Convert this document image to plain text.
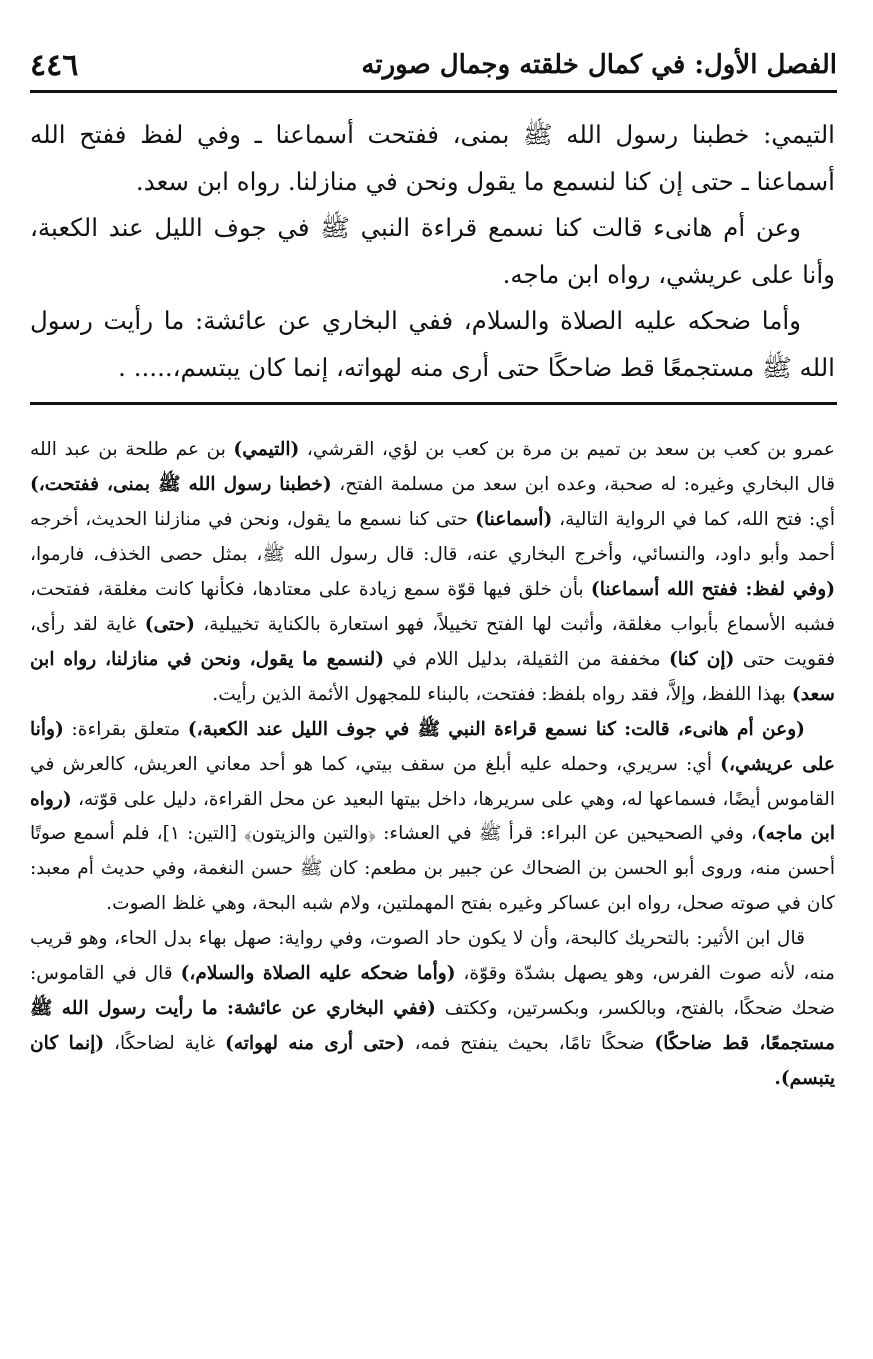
٤٤٦	الفصل الأول: في كمال خلقته وجمال صورته

التيمي: خطبنا رسول الله ﷺ بمنى، ففتحت أسماعنا ـ وفي لفظ ففتح الله أسماعنا ـ حتى إن كنا لنسمع ما يقول ونحن في منازلنا. رواه ابن سعد.

وعن أم هانىء قالت كنا نسمع قراءة النبي ﷺ في جوف الليل عند الكعبة، وأنا على عريشي، رواه ابن ماجه.

وأما ضحكه عليه الصلاة والسلام، ففي البخاري عن عائشة: ما رأيت رسول الله ﷺ مستجمعًا قط ضاحكًا حتى أرى منه لهواته، إنما كان يبتسم،..... .

عمرو بن كعب بن سعد بن تميم بن مرة بن كعب بن لؤي، القرشي، (التيمي) بن عم طلحة بن عبد الله قال البخاري وغيره: له صحبة، وعده ابن سعد من مسلمة الفتح، (خطبنا رسول الله ﷺ بمنى، ففتحت،) أي: فتح الله، كما في الرواية التالية، (أسماعنا) حتى كنا نسمع ما يقول، ونحن في منازلنا الحديث، أخرجه أحمد وأبو داود، والنسائي، وأخرج البخاري عنه، قال: قال رسول الله ﷺ، بمثل حصى الخذف، فارموا، (وفي لفظ: ففتح الله أسماعنا) بأن خلق فيها قوّة سمع زيادة على معتادها، فكأنها كانت مغلقة، ففتحت، فشبه الأسماع بأبواب مغلقة، وأثبت لها الفتح تخييلاً، فهو استعارة بالكناية تخييلية، (حتى) غاية لقد رأى، فقويت حتى (إن كنا) مخففة من الثقيلة، بدليل اللام في (لنسمع ما يقول، ونحن في منازلنا، رواه ابن سعد) بهذا اللفظ، وإلاَّ، فقد رواه بلفظ: ففتحت، بالبناء للمجهول الأئمة الذين رأيت.

(وعن أم هانىء، قالت: كنا نسمع قراءة النبي ﷺ في جوف الليل عند الكعبة،) متعلق بقراءة: (وأنا على عريشي،) أي: سريري، وحمله عليه أبلغ من سقف بيتي، كما هو أحد معاني العريش، كالعرش في القاموس أيضًا، فسماعها له، وهي على سريرها، داخل بيتها البعيد عن محل القراءة، دليل على قوّته، (رواه ابن ماجه)، وفي الصحيحين عن البراء: قرأ ﷺ في العشاء: ﴿والتين والزيتون﴾ [التين: ١]، فلم أسمع صوتًا أحسن منه، وروى أبو الحسن بن الضحاك عن جبير بن مطعم: كان ﷺ حسن النغمة، وفي حديث أم معبد: كان في صوته صحل، رواه ابن عساكر وغيره بفتح المهملتين، ولام شبه البحة، وهي غلظ الصوت.

قال ابن الأثير: بالتحريك كالبحة، وأن لا يكون حاد الصوت، وفي رواية: صهل بهاء بدل الحاء، وهو قريب منه، لأنه صوت الفرس، وهو يصهل بشدّة وقوّة، (وأما ضحكه عليه الصلاة والسلام،) قال في القاموس: ضحك ضحكًا، بالفتح، وبالكسر، وبكسرتين، وككتف (ففي البخاري عن عائشة: ما رأيت رسول الله ﷺ مستجمعًا، قط ضاحكًا) ضحكًا تامًا، بحيث ينفتح فمه، (حتى أرى منه لهواته) غاية لضاحكًا، (إنما كان يتبسم).
